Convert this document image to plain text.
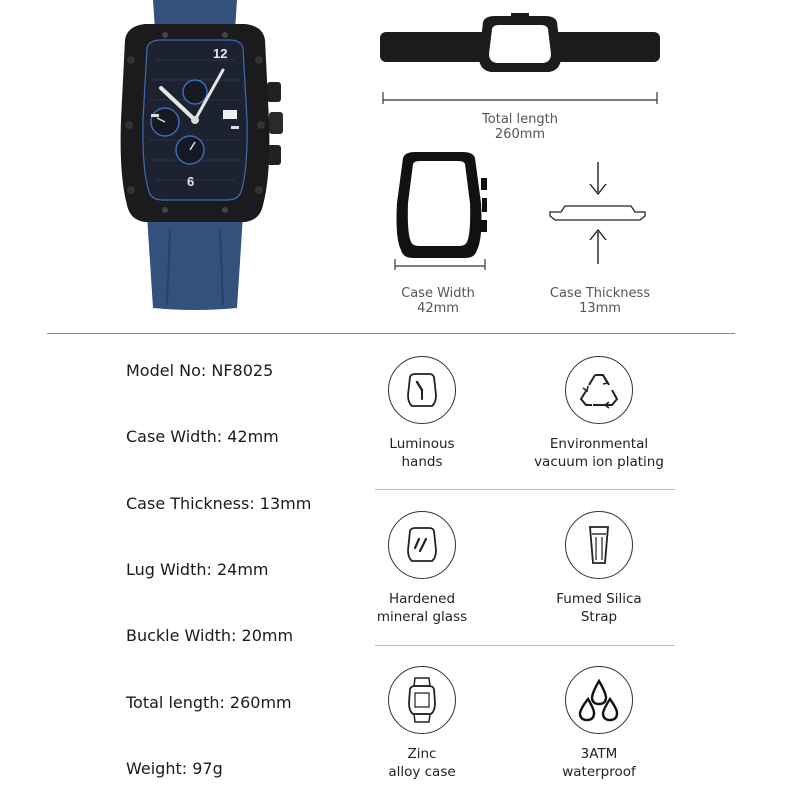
12
6
Total length
260mm
Case Width
42mm
Case Thickness
13mm
Model No: NF8025
Case Width: 42mm
Case Thickness: 13mm
Lug Width: 24mm
Buckle Width: 20mm
Total length: 260mm
Weight: 97g
Luminous
hands
Environmental
vacuum ion plating
Hardened
mineral glass
Fumed Silica
Strap
Zinc
alloy case
3ATM
waterproof
